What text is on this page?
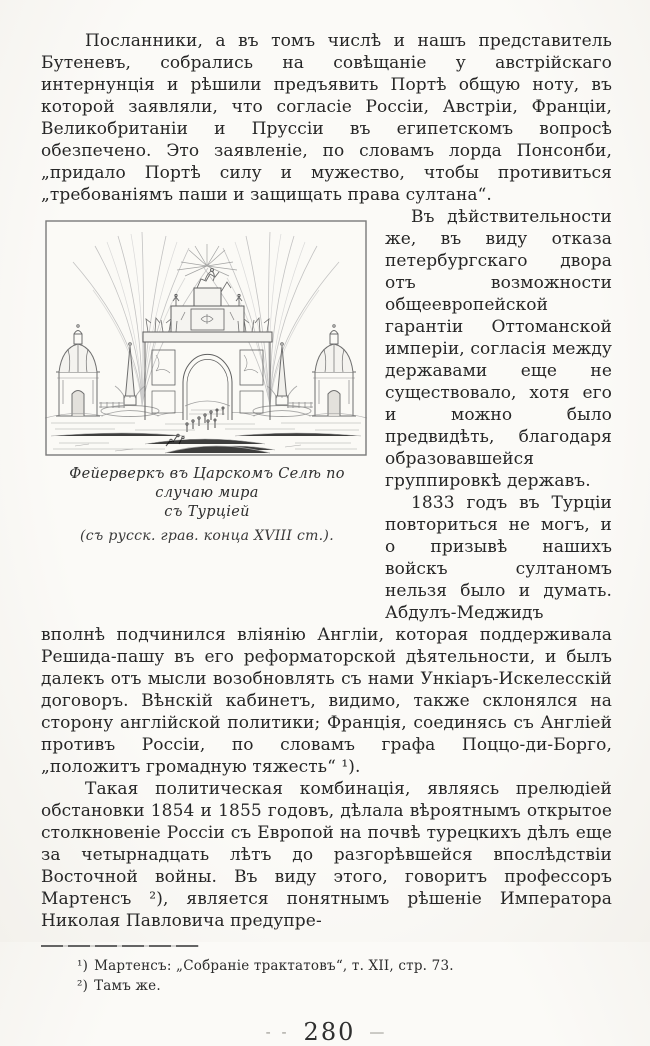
Посланники, а въ томъ числѣ и нашъ представитель Бутеневъ, собрались на совѣщаніе у австрійскаго интернунція и рѣшили предъявить Портѣ общую ноту, въ которой заявляли, что согласіе Россіи, Австріи, Франціи, Великобританіи и Пруссіи въ египетскомъ вопросѣ обезпечено. Это заявленіе, по словамъ лорда Понсонби, „придало Портѣ силу и мужество, чтобы противиться „требованіямъ паши и защищать права султана“.

Фейерверкъ въ Царскомъ Селѣ по случаю мира
съ Турціей
(съ русск. грав. конца XVIII ст.).

Въ дѣйствительности же, въ виду отказа петербургскаго двора отъ возможности общеевропейской гарантіи Оттоманской имперіи, согласія между державами еще не существовало, хотя его и можно было предвидѣть, благодаря образовавшейся группировкѣ державъ.

1833 годъ въ Турціи повториться не могъ, и о призывѣ нашихъ войскъ султаномъ нельзя было и думать. Абдулъ-Меджидъ

вполнѣ подчинился вліянію Англіи, которая поддерживала Решида-пашу въ его реформаторской дѣятельности, и былъ далекъ отъ мысли возобновлять съ нами Ункіаръ-Искелесскій договоръ. Вѣнскій кабинетъ, видимо, также склонялся на сторону англійской политики; Франція, соединясь съ Англіей противъ Россіи, по словамъ графа Поццо-ди-Борго, „положитъ громадную тяжесть“ ¹).

Такая политическая комбинація, являясь прелюдіей обстановки 1854 и 1855 годовъ, дѣлала вѣроятнымъ открытое столкновеніе Россіи съ Европой на почвѣ турецкихъ дѣлъ еще за четырнадцать лѣтъ до разгорѣвшейся впослѣдствіи Восточной войны. Въ виду этого, говоритъ профессоръ Мартенсъ ²), является понятнымъ рѣшеніе Императора Николая Павловича предупре-

¹) Мартенсъ: „Собраніе трактатовъ“, т. XII, стр. 73.

²) Тамъ же.

- - 280 —
